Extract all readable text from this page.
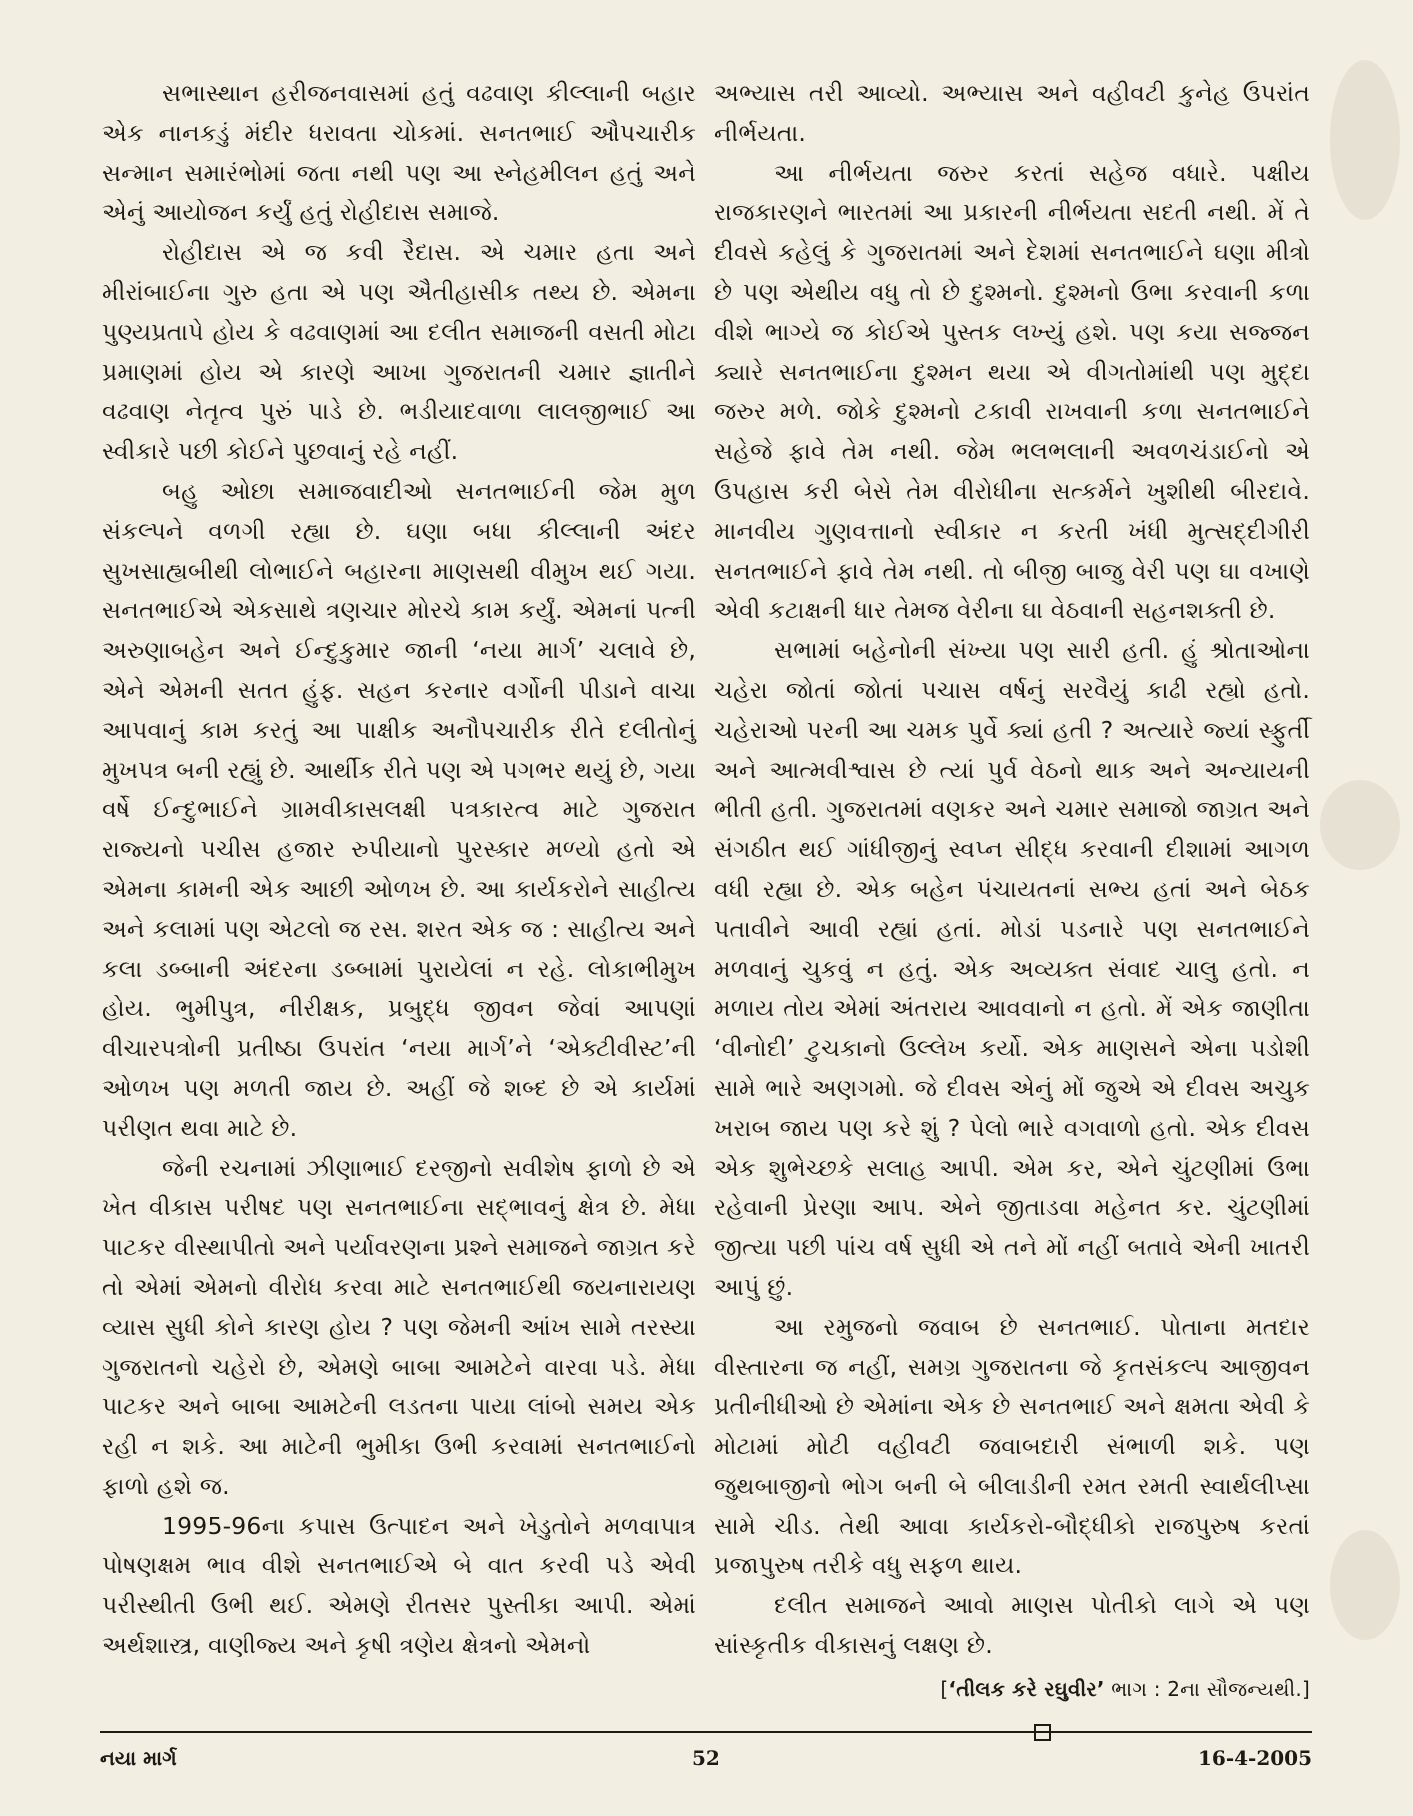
સભાસ્થાન હરીજનવાસમાં હતું વઢવાણ કીલ્લાની બહાર એક નાનકડું મંદીર ધરાવતા ચોકમાં. સનતભાઈ ઔપચારીક સન્માન સમારંભોમાં જતા નથી પણ આ સ્નેહમીલન હતું અને એનું આયોજન કર્યું હતું રોહીદાસ સમાજે.

રોહીદાસ એ જ કવી રૈદાસ. એ ચમાર હતા અને મીરાંબાઈના ગુરુ હતા એ પણ ઐતીહાસીક તથ્ય છે. એમના પુણ્યપ્રતાપે હોય કે વઢવાણમાં આ દલીત સમાજની વસતી મોટા પ્રમાણમાં હોય એ કારણે આખા ગુજરાતની ચમાર જ્ઞાતીને વઢવાણ નેતૃત્વ પુરું પાડે છે. ભડીયાદવાળા લાલજીભાઈ આ સ્વીકારે પછી કોઈને પુછવાનું રહે નહીં.

બહુ ઓછા સમાજવાદીઓ સનતભાઈની જેમ મુળ સંકલ્પને વળગી રહ્યા છે. ઘણા બધા કીલ્લાની અંદર સુખસાહ્યબીથી લોભાઈને બહારના માણસથી વીમુખ થઈ ગયા. સનતભાઈએ એકસાથે ત્રણચાર મોરચે કામ કર્યું. એમનાં પત્ની અરુણાબહેન અને ઈન્દુકુમાર જાની ‘નયા માર્ગ’ ચલાવે છે, એને એમની સતત હુંફ. સહન કરનાર વર્ગોની પીડાને વાચા આપવાનું કામ કરતું આ પાક્ષીક અનૌપચારીક રીતે દલીતોનું મુખપત્ર બની રહ્યું છે. આર્થીક રીતે પણ એ પગભર થયું છે, ગયા વર્ષે ઈન્દુભાઈને ગ્રામવીકાસલક્ષી પત્રકારત્વ માટે ગુજરાત રાજ્યનો પચીસ હજાર રુપીયાનો પુરસ્કાર મળ્યો હતો એ એમના કામની એક આછી ઓળખ છે. આ કાર્યકરોને સાહીત્ય અને કલામાં પણ એટલો જ રસ. શરત એક જ : સાહીત્ય અને કલા ડબ્બાની અંદરના ડબ્બામાં પુરાયેલાં ન રહે. લોકાભીમુખ હોય. ભુમીપુત્ર, નીરીક્ષક, પ્રબુદ્ધ જીવન જેવાં આપણાં વીચારપત્રોની પ્રતીષ્ઠા ઉપરાંત ‘નયા માર્ગ’ને ‘એક્ટીવીસ્ટ’ની ઓળખ પણ મળતી જાય છે. અહીં જે શબ્દ છે એ કાર્યમાં પરીણત થવા માટે છે.

જેની રચનામાં ઝીણાભાઈ દરજીનો સવીશેષ ફાળો છે એ ખેત વીકાસ પરીષદ પણ સનતભાઈના સદ્ભાવનું ક્ષેત્ર છે. મેધા પાટકર વીસ્થાપીતો અને પર્યાવરણના પ્રશ્ને સમાજને જાગ્રત કરે તો એમાં એમનો વીરોધ કરવા માટે સનતભાઈથી જયનારાયણ વ્યાસ સુધી કોને કારણ હોય ? પણ જેમની આંખ સામે તરસ્યા ગુજરાતનો ચહેરો છે, એમણે બાબા આમટેને વારવા પડે. મેધા પાટકર અને બાબા આમટેની લડતના પાયા લાંબો સમય એક રહી ન શકે. આ માટેની ભુમીકા ઉભી કરવામાં સનતભાઈનો ફાળો હશે જ.

1995-96ના કપાસ ઉત્પાદન અને ખેડુતોને મળવાપાત્ર પોષણક્ષમ ભાવ વીશે સનતભાઈએ બે વાત કરવી પડે એવી પરીસ્થીતી ઉભી થઈ. એમણે રીતસર પુસ્તીકા આપી. એમાં અર્થશાસ્ત્ર, વાણીજ્ય અને કૃષી ત્રણેય ક્ષેત્રનો એમનો

અભ્યાસ તરી આવ્યો. અભ્યાસ અને વહીવટી કુનેહ ઉપરાંત નીર્ભયતા.

આ નીર્ભયતા જરુર કરતાં સહેજ વધારે. પક્ષીય રાજકારણને ભારતમાં આ પ્રકારની નીર્ભયતા સદતી નથી. મેં તે દીવસે કહેલું કે ગુજરાતમાં અને દેશમાં સનતભાઈને ઘણા મીત્રો છે પણ એથીય વધુ તો છે દુશ્મનો. દુશ્મનો ઉભા કરવાની કળા વીશે ભાગ્યે જ કોઈએ પુસ્તક લખ્યું હશે. પણ કયા સજ્જન ક્યારે સનતભાઈના દુશ્મન થયા એ વીગતોમાંથી પણ મુદ્દા જરુર મળે. જોકે દુશ્મનો ટકાવી રાખવાની કળા સનતભાઈને સહેજે ફાવે તેમ નથી. જેમ ભલભલાની અવળચંડાઈનો એ ઉપહાસ કરી બેસે તેમ વીરોધીના સત્કર્મને ખુશીથી બીરદાવે. માનવીય ગુણવત્તાનો સ્વીકાર ન કરતી ખંધી મુત્સદ્દીગીરી સનતભાઈને ફાવે તેમ નથી. તો બીજી બાજુ વેરી પણ ઘા વખાણે એવી કટાક્ષની ધાર તેમજ વેરીના ઘા વેઠવાની સહનશક્તી છે.

સભામાં બહેનોની સંખ્યા પણ સારી હતી. હું શ્રોતાઓના ચહેરા જોતાં જોતાં પચાસ વર્ષનું સરવૈયું કાઢી રહ્યો હતો. ચહેરાઓ પરની આ ચમક પુર્વે ક્યાં હતી ? અત્યારે જ્યાં સ્ફુર્તી અને આત્મવીશ્વાસ છે ત્યાં પુર્વ વેઠનો થાક અને અન્યાયની ભીતી હતી. ગુજરાતમાં વણકર અને ચમાર સમાજો જાગ્રત અને સંગઠીત થઈ ગાંધીજીનું સ્વપ્ન સીદ્ધ કરવાની દીશામાં આગળ વધી રહ્યા છે. એક બહેન પંચાયતનાં સભ્ય હતાં અને બેઠક પતાવીને આવી રહ્યાં હતાં. મોડાં પડનારે પણ સનતભાઈને મળવાનું ચુકવું ન હતું. એક અવ્યક્ત સંવાદ ચાલુ હતો. ન મળાય તોય એમાં અંતરાય આવવાનો ન હતો. મેં એક જાણીતા ‘વીનોદી’ ટુચકાનો ઉલ્લેખ કર્યો. એક માણસને એના પડોશી સામે ભારે અણગમો. જે દીવસ એનું મોં જુએ એ દીવસ અચુક ખરાબ જાય પણ કરે શું ? પેલો ભારે વગવાળો હતો. એક દીવસ એક શુભેચ્છકે સલાહ આપી. એમ કર, એને ચુંટણીમાં ઉભા રહેવાની પ્રેરણા આપ. એને જીતાડવા મહેનત કર. ચુંટણીમાં જીત્યા પછી પાંચ વર્ષ સુધી એ તને મોં નહીં બતાવે એની ખાતરી આપું છું.

આ રમુજનો જવાબ છે સનતભાઈ. પોતાના મતદાર વીસ્તારના જ નહીં, સમગ્ર ગુજરાતના જે કૃતસંકલ્પ આજીવન પ્રતીનીધીઓ છે એમાંના એક છે સનતભાઈ અને ક્ષમતા એવી કે મોટામાં મોટી વહીવટી જવાબદારી સંભાળી શકે. પણ જુથબાજીનો ભોગ બની બે બીલાડીની રમત રમતી સ્વાર્થલીપ્સા સામે ચીડ. તેથી આવા કાર્યકરો-બૌદ્ધીકો રાજપુરુષ કરતાં પ્રજાપુરુષ તરીકે વધુ સફળ થાય.

દલીત સમાજને આવો માણસ પોતીકો લાગે એ પણ સાંસ્કૃતીક વીકાસનું લક્ષણ છે.

[‘તીલક કરે રઘુવીર’ ભાગ : 2ના સૌજન્યથી.]
નયા માર્ગ	52	16-4-2005
